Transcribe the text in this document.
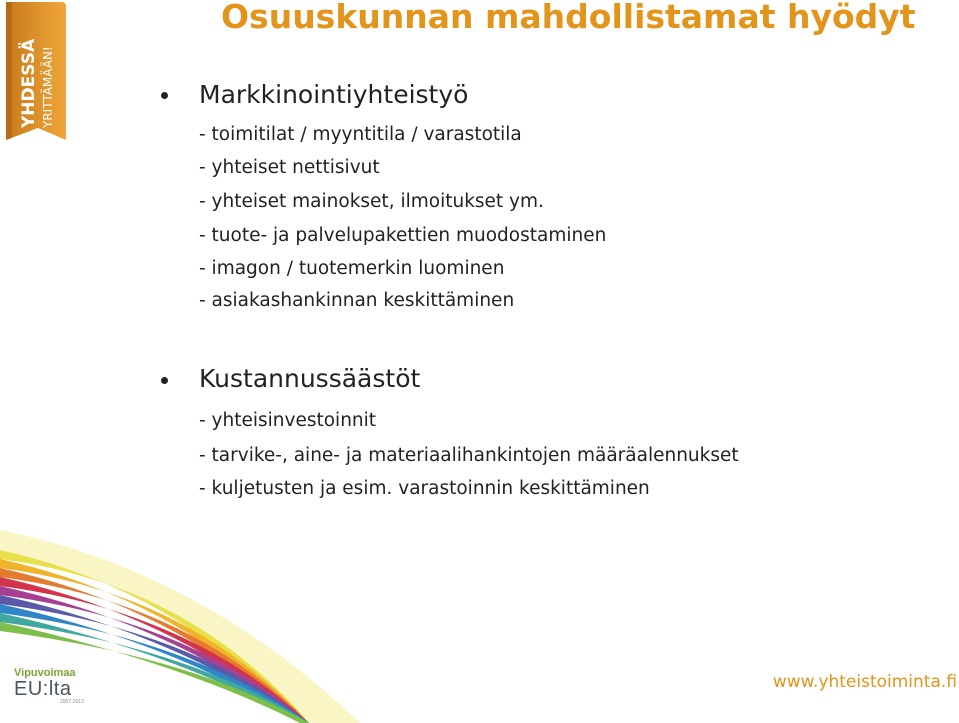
YHDESSÄ YRITTÄMÄÄN!
Osuuskunnan mahdollistamat hyödyt
Markkinointiyhteistyö
- toimitilat / myyntitila / varastotila
- yhteiset nettisivut
- yhteiset mainokset, ilmoitukset ym.
- tuote- ja palvelupakettien muodostaminen
- imagon / tuotemerkin luominen
- asiakashankinnan keskittäminen
Kustannussäästöt
- yhteisinvestoinnit
- tarvike-, aine- ja materiaalihankintojen määräalennukset
- kuljetusten ja esim. varastoinnin keskittäminen
Vipuvoimaa
EU:lta
2007-2013
www.yhteistoiminta.fi
